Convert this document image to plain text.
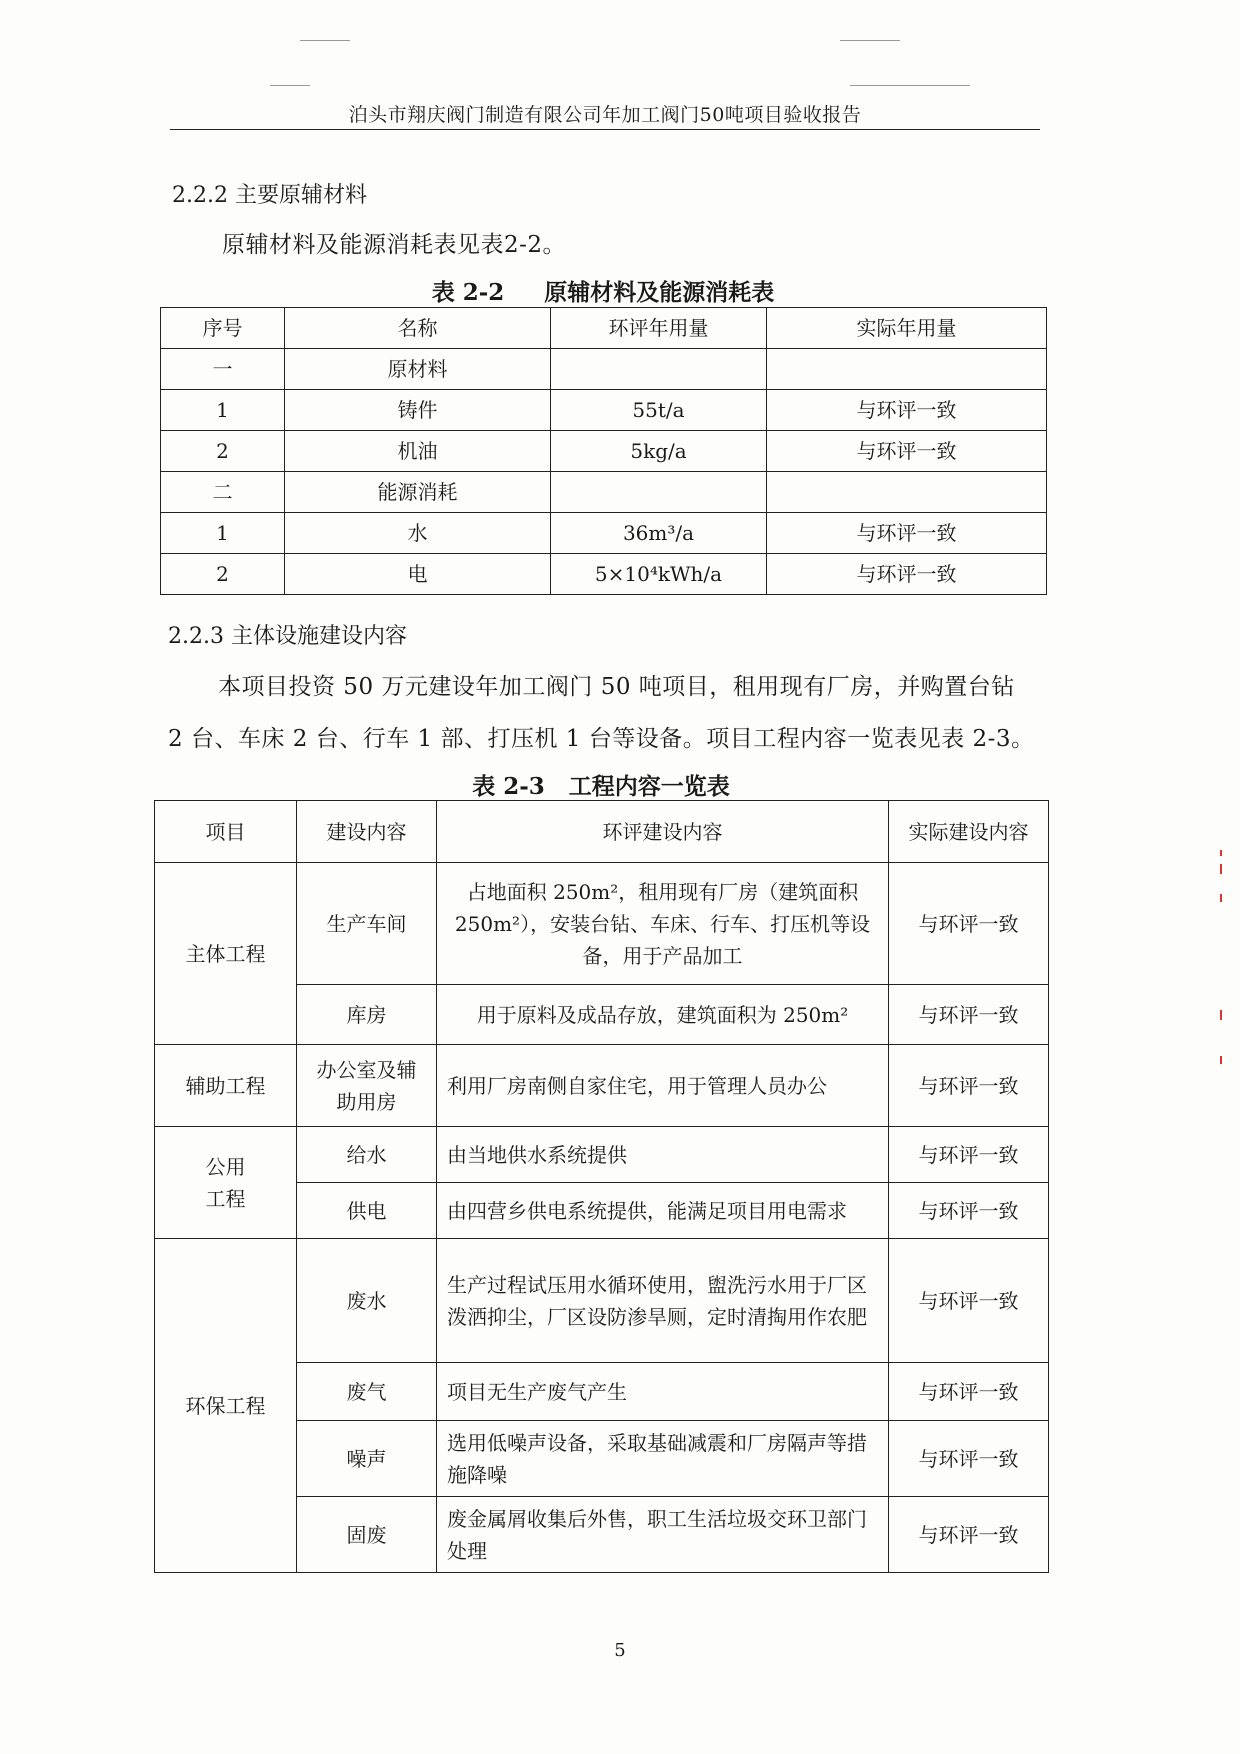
泊头市翔庆阀门制造有限公司年加工阀门50吨项目验收报告
2.2.2 主要原辅材料
原辅材料及能源消耗表见表2-2。
表 2-2 原辅材料及能源消耗表
序号	名称	环评年用量	实际年用量
一	原材料		
1	铸件	55t/a	与环评一致
2	机油	5kg/a	与环评一致
二	能源消耗		
1	水	36m³/a	与环评一致
2	电	5×10⁴kWh/a	与环评一致
2.2.3 主体设施建设内容
本项目投资 50 万元建设年加工阀门 50 吨项目，租用现有厂房，并购置台钻
2 台、车床 2 台、行车 1 部、打压机 1 台等设备。项目工程内容一览表见表 2-3。
表 2-3 工程内容一览表
项目	建设内容	环评建设内容	实际建设内容
主体工程	生产车间	占地面积 250m²，租用现有厂房（建筑面积 250m²），安装台钻、车床、行车、打压机等设备，用于产品加工	与环评一致
	库房	用于原料及成品存放，建筑面积为 250m²	与环评一致
辅助工程	办公室及辅助用房	利用厂房南侧自家住宅，用于管理人员办公	与环评一致
公用
工程	给水	由当地供水系统提供	与环评一致
	供电	由四营乡供电系统提供，能满足项目用电需求	与环评一致
环保工程	废水	生产过程试压用水循环使用，盥洗污水用于厂区泼洒抑尘，厂区设防渗旱厕，定时清掏用作农肥	与环评一致
	废气	项目无生产废气产生	与环评一致
	噪声	选用低噪声设备，采取基础减震和厂房隔声等措施降噪	与环评一致
	固废	废金属屑收集后外售，职工生活垃圾交环卫部门处理	与环评一致
5
